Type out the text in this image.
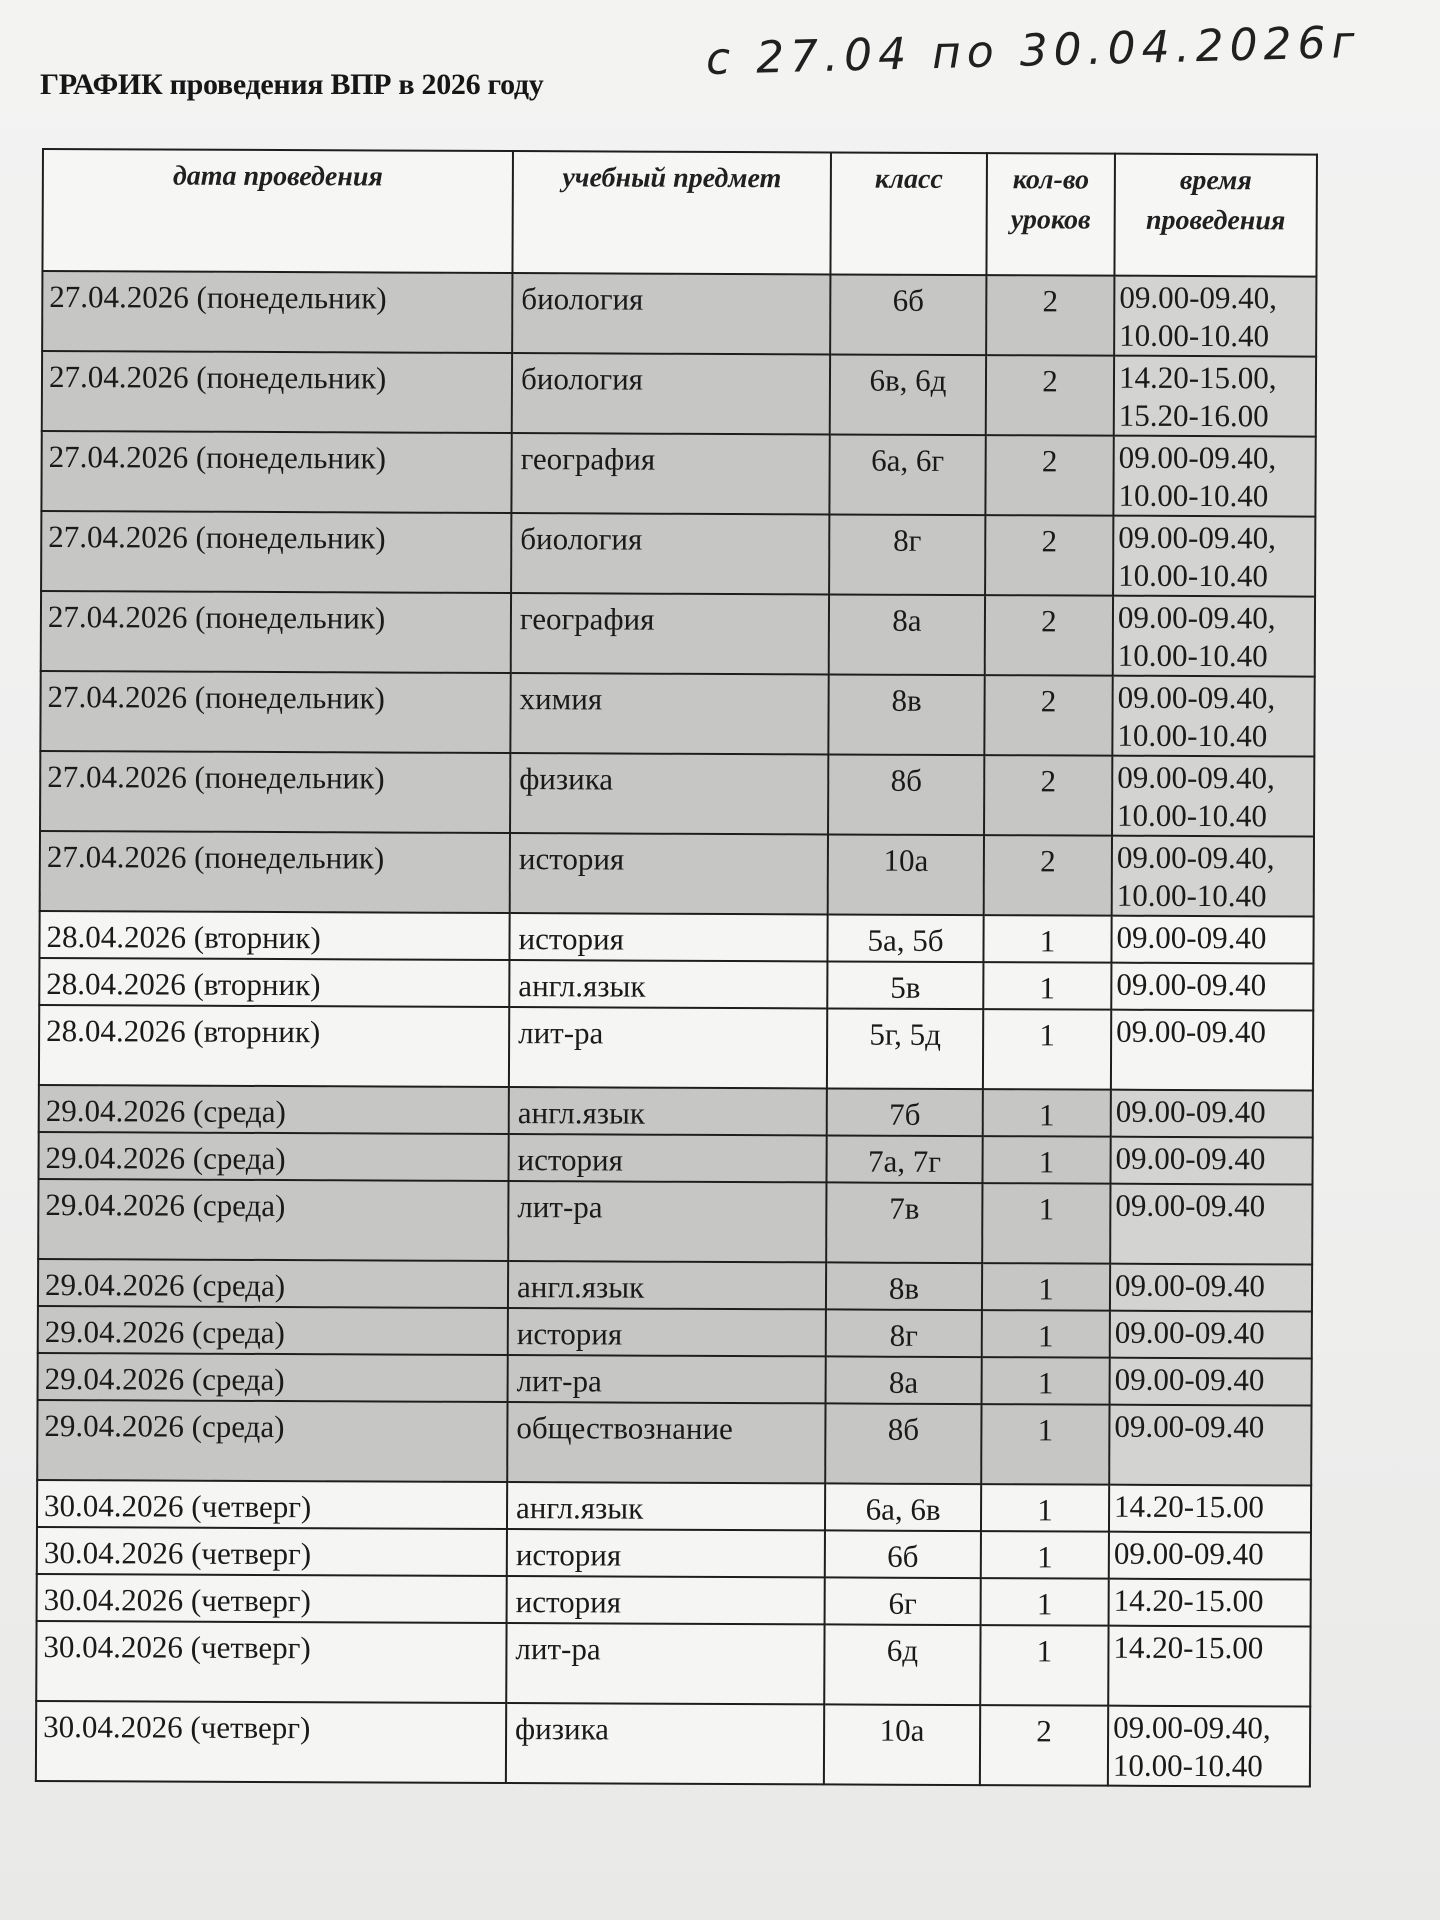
ГРАФИК проведения ВПР в 2026 году	с 27.04 по 30.04.2026г
дата проведения	учебный предмет	класс	кол-во уроков	время проведения
27.04.2026 (понедельник)	биология	6б	2	09.00-09.40,
10.00-10.40

27.04.2026 (понедельник)	биология	6в, 6д	2	14.20-15.00,
15.20-16.00

27.04.2026 (понедельник)	география	6а, 6г	2	09.00-09.40,
10.00-10.40

27.04.2026 (понедельник)	биология	8г	2	09.00-09.40,
10.00-10.40

27.04.2026 (понедельник)	география	8а	2	09.00-09.40,
10.00-10.40

27.04.2026 (понедельник)	химия	8в	2	09.00-09.40,
10.00-10.40

27.04.2026 (понедельник)	физика	8б	2	09.00-09.40,
10.00-10.40

27.04.2026 (понедельник)	история	10а	2	09.00-09.40,
10.00-10.40

28.04.2026 (вторник)	история	5а, 5б	1	09.00-09.40

28.04.2026 (вторник)	англ.язык	5в	1	09.00-09.40

28.04.2026 (вторник)	лит-ра	5г, 5д	1	09.00-09.40

29.04.2026 (среда)	англ.язык	7б	1	09.00-09.40

29.04.2026 (среда)	история	7а, 7г	1	09.00-09.40

29.04.2026 (среда)	лит-ра	7в	1	09.00-09.40

29.04.2026 (среда)	англ.язык	8в	1	09.00-09.40

29.04.2026 (среда)	история	8г	1	09.00-09.40

29.04.2026 (среда)	лит-ра	8а	1	09.00-09.40

29.04.2026 (среда)	обществознание	8б	1	09.00-09.40

30.04.2026 (четверг)	англ.язык	6а, 6в	1	14.20-15.00

30.04.2026 (четверг)	история	6б	1	09.00-09.40

30.04.2026 (четверг)	история	6г	1	14.20-15.00

30.04.2026 (четверг)	лит-ра	6д	1	14.20-15.00

30.04.2026 (четверг)	физика	10а	2	09.00-09.40,
10.00-10.40
